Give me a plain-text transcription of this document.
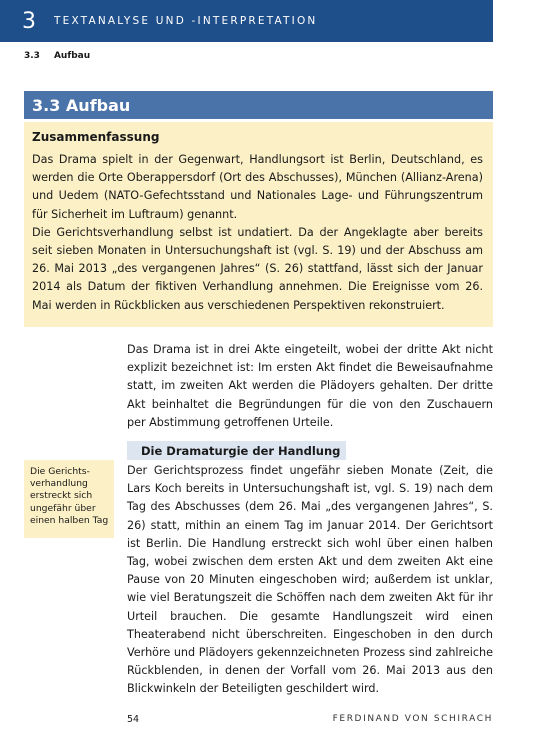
3 TEXTANALYSE UND -INTERPRETATION
3.3 Aufbau
3.3 Aufbau
Zusammenfassung

Das Drama spielt in der Gegenwart, Handlungsort ist Berlin, Deutschland, es werden die Orte Oberappersdorf (Ort des Abschusses), München (Allianz-Arena) und Uedem (NATO-Gefechtsstand und Nationales Lage- und Führungszentrum für Sicherheit im Luftraum) genannt.

Die Gerichtsverhandlung selbst ist undatiert. Da der Angeklagte aber bereits seit sieben Monaten in Untersuchungshaft ist (vgl. S. 19) und der Abschuss am 26. Mai 2013 „des vergangenen Jahres“ (S. 26) stattfand, lässt sich der Januar 2014 als Datum der fiktiven Verhandlung annehmen. Die Ereignisse vom 26. Mai werden in Rückblicken aus verschiedenen Perspektiven rekonstruiert.

Das Drama ist in drei Akte eingeteilt, wobei der dritte Akt nicht explizit bezeichnet ist: Im ersten Akt findet die Beweisaufnahme statt, im zweiten Akt werden die Plädoyers gehalten. Der dritte Akt beinhaltet die Begründungen für die von den Zuschauern per Abstimmung getroffenen Urteile.

Die Dramaturgie der Handlung
Die Gerichtsverhandlung erstreckt sich ungefähr über einen halben Tag

Der Gerichtsprozess findet ungefähr sieben Monate (Zeit, die Lars Koch bereits in Untersuchungshaft ist, vgl. S. 19) nach dem Tag des Abschusses (dem 26. Mai „des vergangenen Jahres“, S. 26) statt, mithin an einem Tag im Januar 2014. Der Gerichtsort ist Berlin. Die Handlung erstreckt sich wohl über einen halben Tag, wobei zwischen dem ersten Akt und dem zweiten Akt eine Pause von 20 Minuten eingeschoben wird; außerdem ist unklar, wie viel Beratungszeit die Schöffen nach dem zweiten Akt für ihr Urteil brauchen. Die gesamte Handlungszeit wird einen Theaterabend nicht überschreiten. Eingeschoben in den durch Verhöre und Plädoyers gekennzeichneten Prozess sind zahlreiche Rückblenden, in denen der Vorfall vom 26. Mai 2013 aus den Blickwinkeln der Beteiligten geschildert wird.

54	FERDINAND VON SCHIRACH
